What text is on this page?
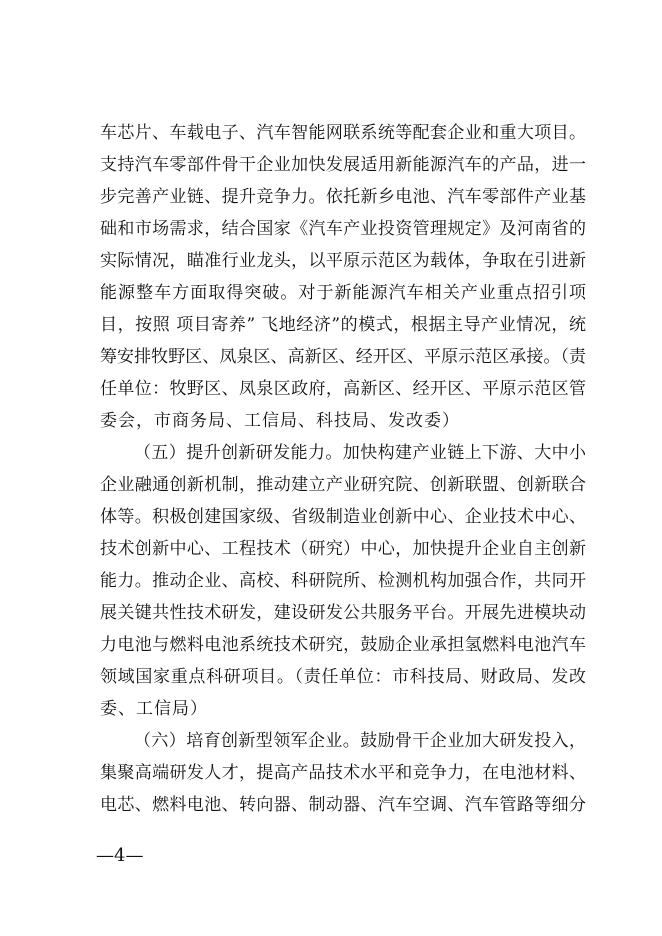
车芯片、车载电子、汽车智能网联系统等配套企业和重大项目。
支持汽车零部件骨干企业加快发展适用新能源汽车的产品，进一
步完善产业链、提升竞争力。依托新乡电池、汽车零部件产业基
础和市场需求，结合国家《汽车产业投资管理规定》及河南省的
实际情况，瞄准行业龙头，以平原示范区为载体，争取在引进新
能源整车方面取得突破。对于新能源汽车相关产业重点招引项
目，按照 项目寄养” 飞地经济”的模式，根据主导产业情况，统
筹安排牧野区、凤泉区、高新区、经开区、平原示范区承接。（责
任单位：牧野区、凤泉区政府，高新区、经开区、平原示范区管
委会，市商务局、工信局、科技局、发改委）
（五）提升创新研发能力。加快构建产业链上下游、大中小
企业融通创新机制，推动建立产业研究院、创新联盟、创新联合
体等。积极创建国家级、省级制造业创新中心、企业技术中心、
技术创新中心、工程技术（研究）中心，加快提升企业自主创新
能力。推动企业、高校、科研院所、检测机构加强合作，共同开
展关键共性技术研发，建设研发公共服务平台。开展先进模块动
力电池与燃料电池系统技术研究，鼓励企业承担氢燃料电池汽车
领域国家重点科研项目。（责任单位：市科技局、财政局、发改
委、工信局）
（六）培育创新型领军企业。鼓励骨干企业加大研发投入，
集聚高端研发人才，提高产品技术水平和竞争力，在电池材料、
电芯、燃料电池、转向器、制动器、汽车空调、汽车管路等细分
—4—
